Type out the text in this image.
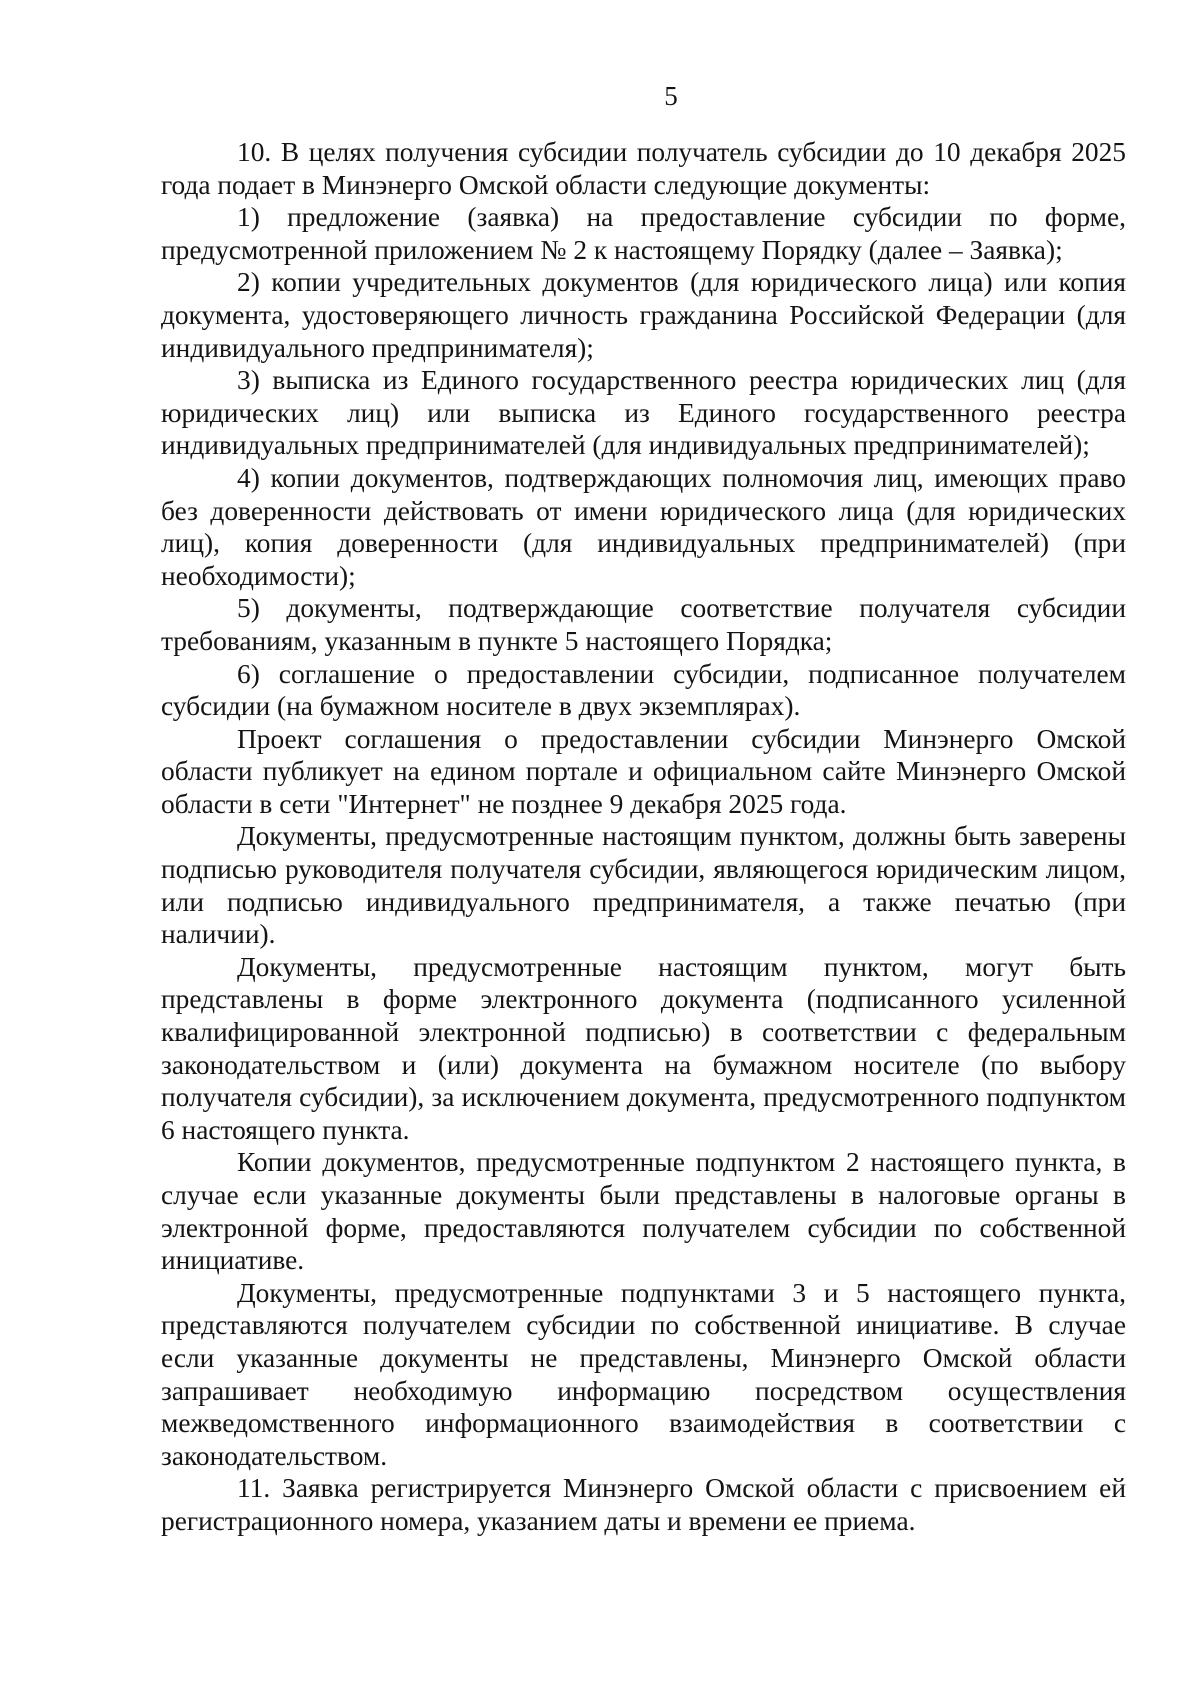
5

10. В целях получения субсидии получатель субсидии до 10 декабря 2025 года подает в Минэнерго Омской области следующие документы:

1) предложение (заявка) на предоставление субсидии по форме, предусмотренной приложением № 2 к настоящему Порядку (далее – Заявка);

2) копии учредительных документов (для юридического лица) или копия документа, удостоверяющего личность гражданина Российской Федерации (для индивидуального предпринимателя);

3) выписка из Единого государственного реестра юридических лиц (для юридических лиц) или выписка из Единого государственного реестра индивидуальных предпринимателей (для индивидуальных предпринимателей);

4) копии документов, подтверждающих полномочия лиц, имеющих право без доверенности действовать от имени юридического лица (для юридических лиц), копия доверенности (для индивидуальных предпринимателей) (при необходимости);

5) документы, подтверждающие соответствие получателя субсидии требованиям, указанным в пункте 5 настоящего Порядка;

6) соглашение о предоставлении субсидии, подписанное получателем субсидии (на бумажном носителе в двух экземплярах).

Проект соглашения о предоставлении субсидии Минэнерго Омской области публикует на едином портале и официальном сайте Минэнерго Омской области в сети "Интернет" не позднее 9 декабря 2025 года.

Документы, предусмотренные настоящим пунктом, должны быть заверены подписью руководителя получателя субсидии, являющегося юридическим лицом, или подписью индивидуального предпринимателя, а также печатью (при наличии).

Документы, предусмотренные настоящим пунктом, могут быть представлены в форме электронного документа (подписанного усиленной квалифицированной электронной подписью) в соответствии с федеральным законодательством и (или) документа на бумажном носителе (по выбору получателя субсидии), за исключением документа, предусмотренного подпунктом 6 настоящего пункта.

Копии документов, предусмотренные подпунктом 2 настоящего пункта, в случае если указанные документы были представлены в налоговые органы в электронной форме, предоставляются получателем субсидии по собственной инициативе.

Документы, предусмотренные подпунктами 3 и 5 настоящего пункта, представляются получателем субсидии по собственной инициативе. В случае если указанные документы не представлены, Минэнерго Омской области запрашивает необходимую информацию посредством осуществления межведомственного информационного взаимодействия в соответствии с законодательством.

11. Заявка регистрируется Минэнерго Омской области с присвоением ей регистрационного номера, указанием даты и времени ее приема.
